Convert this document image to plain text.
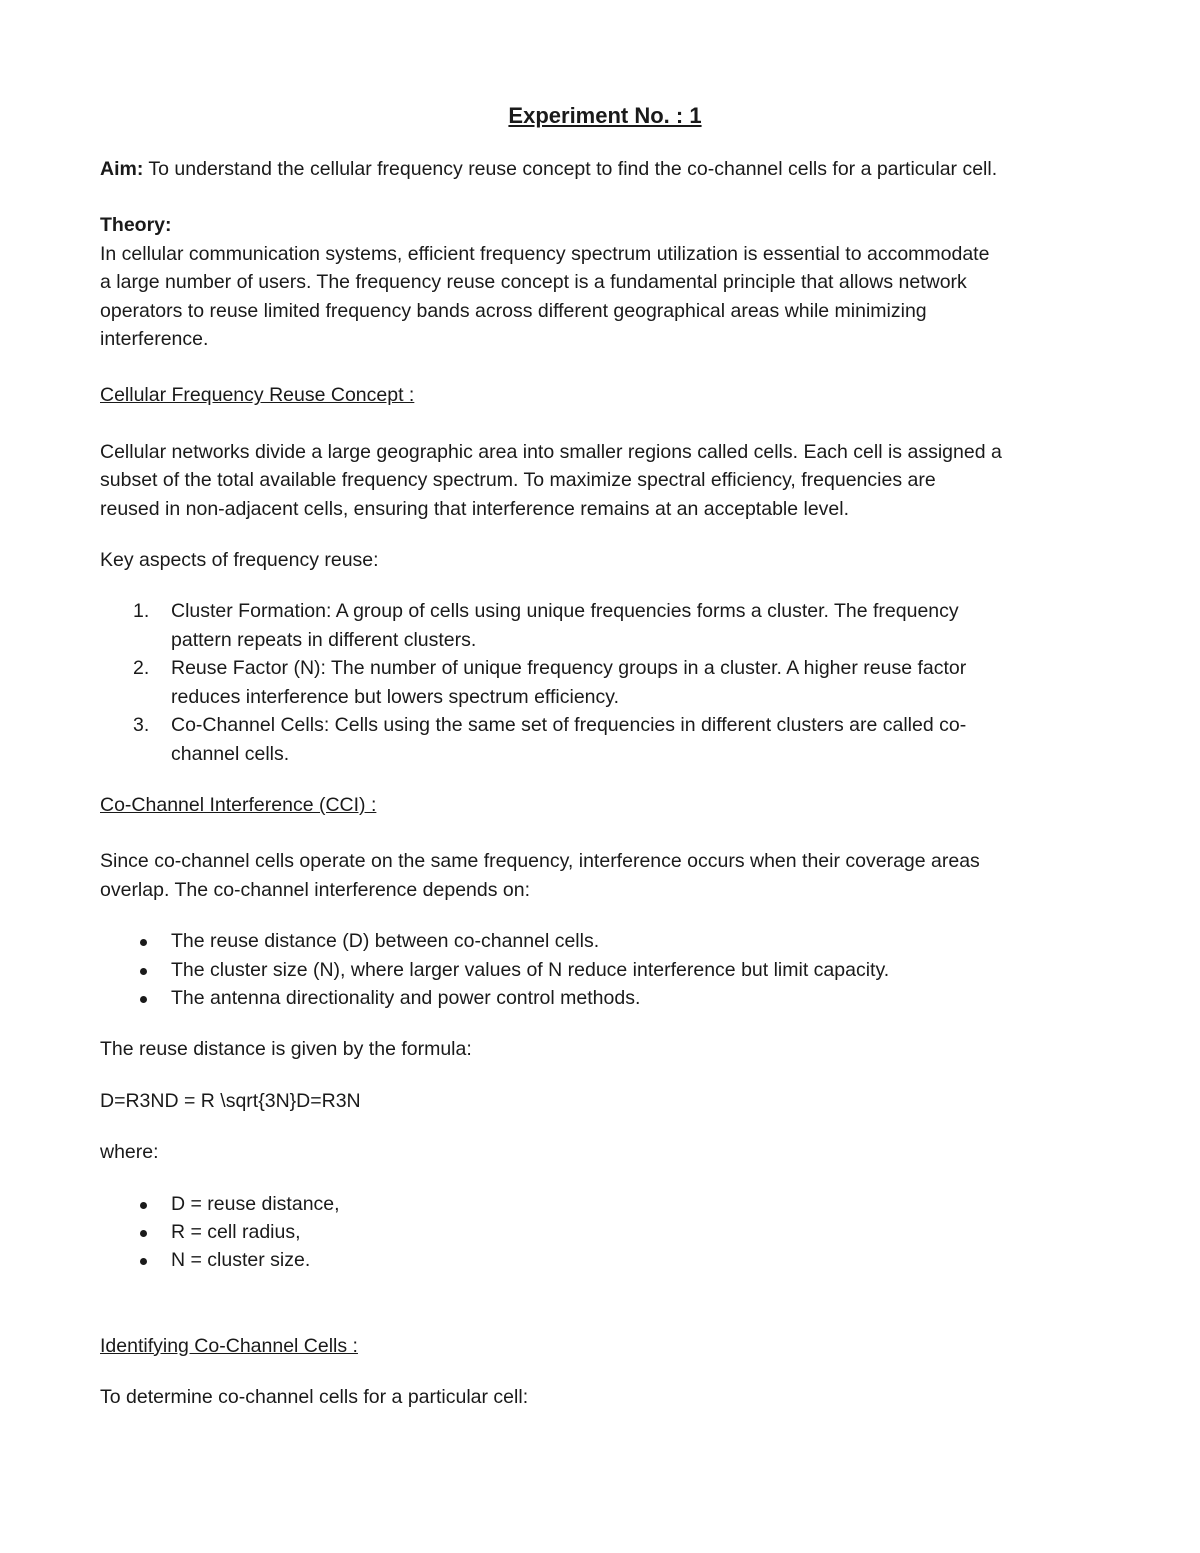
Experiment No. : 1

Aim: To understand the cellular frequency reuse concept to find the co-channel cells for a particular cell.

Theory:

In cellular communication systems, efficient frequency spectrum utilization is essential to accommodate

a large number of users. The frequency reuse concept is a fundamental principle that allows network

operators to reuse limited frequency bands across different geographical areas while minimizing

interference.

Cellular Frequency Reuse Concept :

Cellular networks divide a large geographic area into smaller regions called cells. Each cell is assigned a

subset of the total available frequency spectrum. To maximize spectral efficiency, frequencies are

reused in non-adjacent cells, ensuring that interference remains at an acceptable level.

Key aspects of frequency reuse:

1. Cluster Formation: A group of cells using unique frequencies forms a cluster. The frequency
pattern repeats in different clusters.
2. Reuse Factor (N): The number of unique frequency groups in a cluster. A higher reuse factor
reduces interference but lowers spectrum efficiency.
3. Co-Channel Cells: Cells using the same set of frequencies in different clusters are called co-
channel cells.

Co-Channel Interference (CCI) :

Since co-channel cells operate on the same frequency, interference occurs when their coverage areas

overlap. The co-channel interference depends on:

The reuse distance (D) between co-channel cells.
The cluster size (N), where larger values of N reduce interference but limit capacity.
The antenna directionality and power control methods.

The reuse distance is given by the formula:

D=R3ND = R \sqrt{3N}D=R3N

where:

D = reuse distance,
R = cell radius,
N = cluster size.

Identifying Co-Channel Cells :

To determine co-channel cells for a particular cell:
